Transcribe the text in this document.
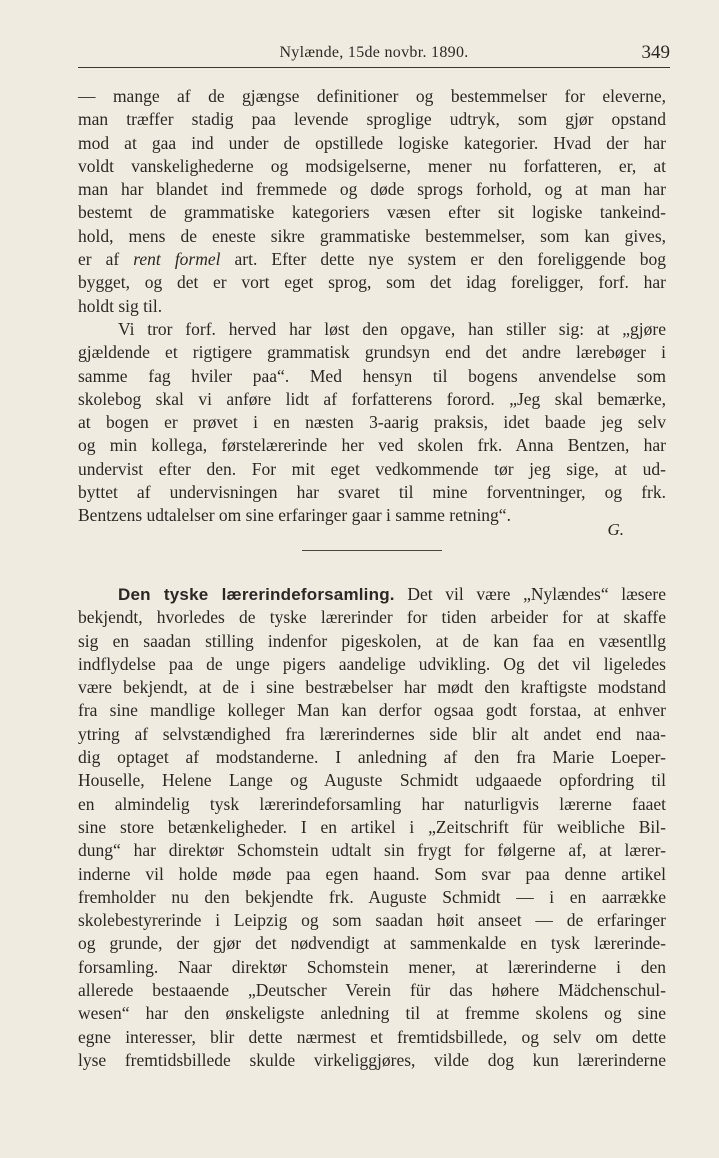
Nylænde, 15de novbr. 1890.	349
— mange af de gjængse definitioner og bestemmelser for eleverne,
man træffer stadig paa levende sproglige udtryk, som gjør opstand
mod at gaa ind under de opstillede logiske kategorier. Hvad der har
voldt vanskelighederne og modsigelserne, mener nu forfatteren, er, at
man har blandet ind fremmede og døde sprogs forhold, og at man har
bestemt de grammatiske kategoriers væsen efter sit logiske tankeind-
hold, mens de eneste sikre grammatiske bestemmelser, som kan gives,
er af rent formel art. Efter dette nye system er den foreliggende bog
bygget, og det er vort eget sprog, som det idag foreligger, forf. har
holdt sig til.
Vi tror forf. herved har løst den opgave, han stiller sig: at „gjøre
gjældende et rigtigere grammatisk grundsyn end det andre lærebøger i
samme fag hviler paa“. Med hensyn til bogens anvendelse som
skolebog skal vi anføre lidt af forfatterens forord. „Jeg skal bemærke,
at bogen er prøvet i en næsten 3-aarig praksis, idet baade jeg selv
og min kollega, førstelærerinde her ved skolen frk. Anna Bentzen, har
undervist efter den. For mit eget vedkommende tør jeg sige, at ud-
byttet af undervisningen har svaret til mine forventninger, og frk.
Bentzens udtalelser om sine erfaringer gaar i samme retning“.
G.
Den tyske lærerindeforsamling. Det vil være „Nylændes“ læsere
bekjendt, hvorledes de tyske lærerinder for tiden arbeider for at skaffe
sig en saadan stilling indenfor pigeskolen, at de kan faa en væsentllg
indflydelse paa de unge pigers aandelige udvikling. Og det vil ligeledes
være bekjendt, at de i sine bestræbelser har mødt den kraftigste modstand
fra sine mandlige kolleger Man kan derfor ogsaa godt forstaa, at enhver
ytring af selvstændighed fra lærerindernes side blir alt andet end naa-
dig optaget af modstanderne. I anledning af den fra Marie Loeper-
Houselle, Helene Lange og Auguste Schmidt udgaaede opfordring til
en almindelig tysk lærerindeforsamling har naturligvis lærerne faaet
sine store betænkeligheder. I en artikel i „Zeitschrift für weibliche Bil-
dung“ har direktør Schomstein udtalt sin frygt for følgerne af, at lærer-
inderne vil holde møde paa egen haand. Som svar paa denne artikel
fremholder nu den bekjendte frk. Auguste Schmidt — i en aarrække
skolebestyrerinde i Leipzig og som saadan høit anseet — de erfaringer
og grunde, der gjør det nødvendigt at sammenkalde en tysk lærerinde-
forsamling. Naar direktør Schomstein mener, at lærerinderne i den
allerede bestaaende „Deutscher Verein für das høhere Mädchenschul-
wesen“ har den ønskeligste anledning til at fremme skolens og sine
egne interesser, blir dette nærmest et fremtidsbillede, og selv om dette
lyse fremtidsbillede skulde virkeliggjøres, vilde dog kun lærerinderne
